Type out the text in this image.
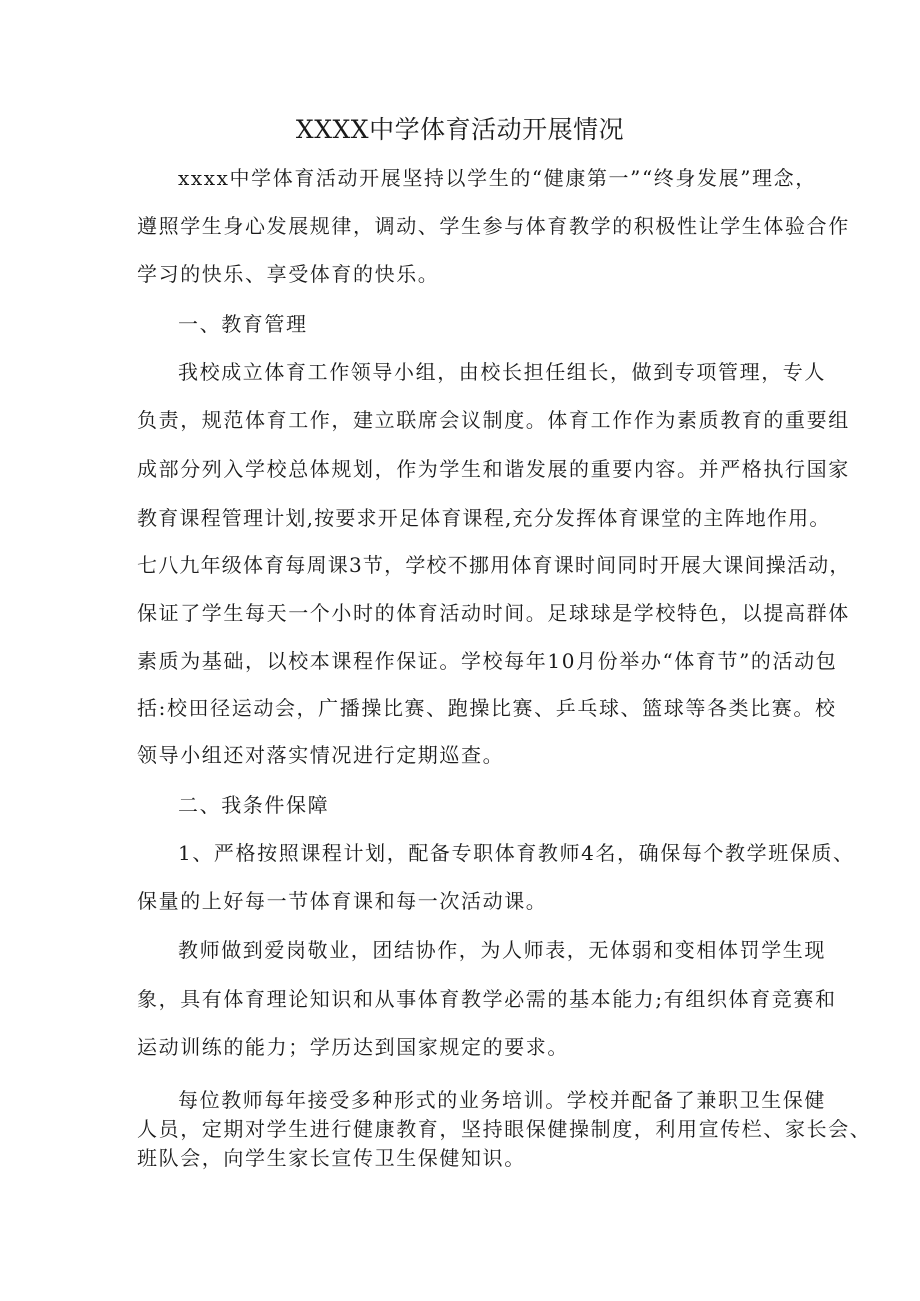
XXXX中学体育活动开展情况
xxxx中学体育活动开展坚持以学生的“健康第一”“终身发展”理念，
遵照学生身心发展规律，调动、学生参与体育教学的积极性让学生体验合作
学习的快乐、享受体育的快乐。
一、教育管理
我校成立体育工作领导小组，由校长担任组长，做到专项管理，专人
负责，规范体育工作，建立联席会议制度。体育工作作为素质教育的重要组
成部分列入学校总体规划，作为学生和谐发展的重要内容。并严格执行国家
教育课程管理计划,按要求开足体育课程,充分发挥体育课堂的主阵地作用。
七八九年级体育每周课3节，学校不挪用体育课时间同时开展大课间操活动，
保证了学生每天一个小时的体育活动时间。足球球是学校特色，以提高群体
素质为基础，以校本课程作保证。学校每年10月份举办“体育节”的活动包
括:校田径运动会，广播操比赛、跑操比赛、乒乓球、篮球等各类比赛。校
领导小组还对落实情况进行定期巡查。
二、我条件保障
1、严格按照课程计划，配备专职体育教师4名，确保每个教学班保质、
保量的上好每一节体育课和每一次活动课。
教师做到爱岗敬业，团结协作，为人师表，无体弱和变相体罚学生现
象，具有体育理论知识和从事体育教学必需的基本能力;有组织体育竞赛和
运动训练的能力；学历达到国家规定的要求。
每位教师每年接受多种形式的业务培训。学校并配备了兼职卫生保健
人员，定期对学生进行健康教育，坚持眼保健操制度，利用宣传栏、家长会、
班队会，向学生家长宣传卫生保健知识。
